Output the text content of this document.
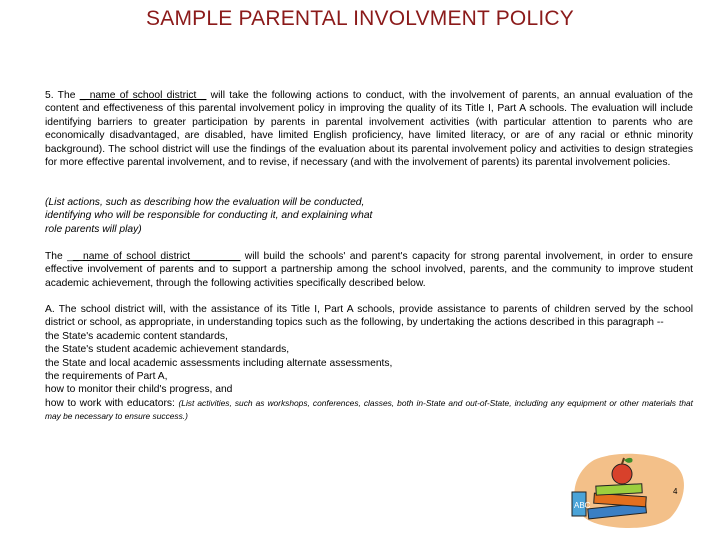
SAMPLE PARENTAL INVOLVMENT POLICY
5. The _ name of school district _ will take the following actions to conduct, with the involvement of parents, an annual evaluation of the content and effectiveness of this parental involvement policy in improving the quality of its Title I, Part A schools. The evaluation will include identifying barriers to greater participation by parents in parental involvement activities (with particular attention to parents who are economically disadvantaged, are disabled, have limited English proficiency, have limited literacy, or are of any racial or ethnic minority background). The school district will use the findings of the evaluation about its parental involvement policy and activities to design strategies for more effective parental involvement, and to revise, if necessary (and with the involvement of parents) its parental involvement policies.
(List actions, such as describing how the evaluation will be conducted, identifying who will be responsible for conducting it, and explaining what role parents will play)
The __ name of school district ________ will build the schools' and parent's capacity for strong parental involvement, in order to ensure effective involvement of parents and to support a partnership among the school involved, parents, and the community to improve student academic achievement, through the following activities specifically described below.
A. The school district will, with the assistance of its Title I, Part A schools, provide assistance to parents of children served by the school district or school, as appropriate, in understanding topics such as the following, by undertaking the actions described in this paragraph --
the State's academic content standards,
the State's student academic achievement standards,
the State and local academic assessments including alternate assessments,
the requirements of Part A,
how to monitor their child's progress, and
how to work with educators: (List activities, such as workshops, conferences, classes, both in-State and out-of-State, including any equipment or other materials that may be necessary to ensure success.)
ABC
4
